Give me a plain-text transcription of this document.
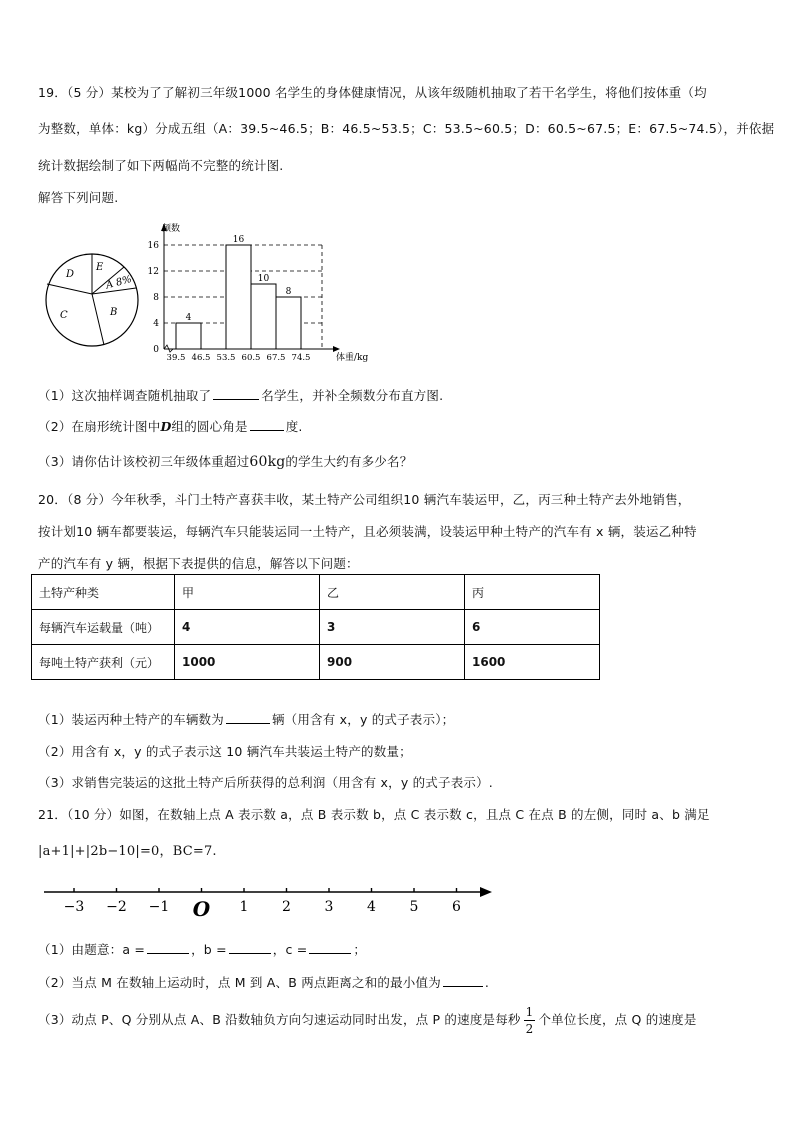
19．（5 分）某校为了了解初三年级1000 名学生的身体健康情况，从该年级随机抽取了若干名学生，将他们按体重（均
为整数，单体：kg）分成五组（A：39.5~46.5；B：46.5~53.5；C：53.5~60.5；D：60.5~67.5；E：67.5~74.5），并依据
统计数据绘制了如下两幅尚不完整的统计图.
解答下列问题.
D
E
A 8%
B
C
0
4
8
12
16
4
16
10
8
39.5 46.5 53.5 60.5 67.5 74.5
频数
体重/kg
（1）这次抽样调查随机抽取了	名学生，并补全频数分布直方图.
（2）在扇形统计图中D组的圆心角是	度.
（3）请你估计该校初三年级体重超过60kg的学生大约有多少名？
20．（8 分）今年秋季，斗门土特产喜获丰收，某土特产公司组织10 辆汽车装运甲，乙，丙三种土特产去外地销售，
按计划10 辆车都要装运，每辆汽车只能装运同一土特产，且必须装满，设装运甲种土特产的汽车有 x 辆，装运乙种特
产的汽车有 y 辆，根据下表提供的信息，解答以下问题：
土特产种类	甲	乙	丙
每辆汽车运载量（吨）	4	3	6
每吨土特产获利（元）	1000	900	1600
（1）装运丙种土特产的车辆数为	辆（用含有 x，y 的式子表示）；
（2）用含有 x，y 的式子表示这 10 辆汽车共装运土特产的数量；
（3）求销售完装运的这批土特产后所获得的总利润（用含有 x，y 的式子表示）.
21．（10 分）如图，在数轴上点 A 表示数 a，点 B 表示数 b，点 C 表示数 c，且点 C 在点 B 的左侧，同时 a、b 满足
|a+1|+|2b−10|=0，BC=7.
−3 −2 −1 O 1 2 3 4 5 6
（1）由题意：a =	，b =	，c =	；
（2）当点 M 在数轴上运动时，点 M 到 A、B 两点距离之和的最小值为	.
（3）动点 P、Q 分别从点 A、B 沿数轴负方向匀速运动同时出发，点 P 的速度是每秒 $\frac{1}{2}$ 个单位长度，点 Q 的速度是
